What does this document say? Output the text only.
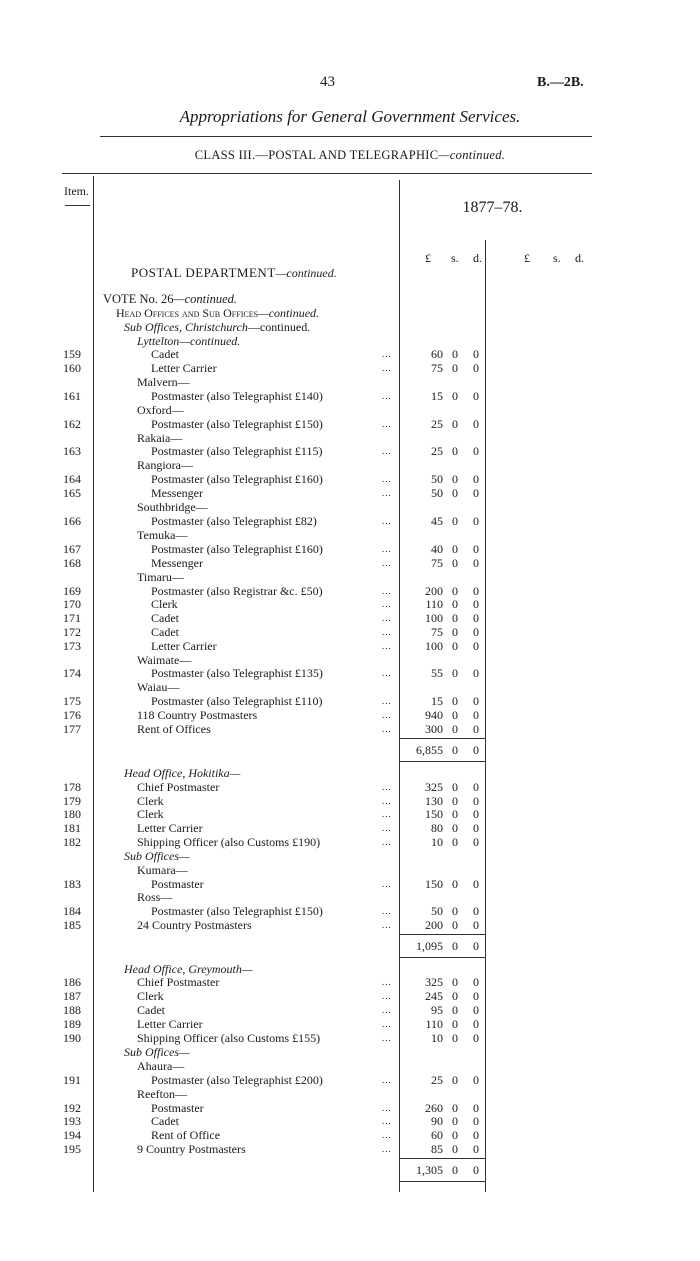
43	B.—2B.
Appropriations for General Government Services.
CLASS III.—POSTAL AND TELEGRAPHIC—continued.
Item.
1877–78.
£ s. d.	£ s. d.
POSTAL DEPARTMENT—continued.
VOTE No. 26—continued.
Head Offices and Sub Offices—continued.
Sub Offices, Christchurch—continued.
Lyttelton—continued.
159	Cadet	...	60 0	0
160	Letter Carrier	...	75 0	0
Malvern—
161	Postmaster (also Telegraphist £140)	...	15 0	0
Oxford—
162	Postmaster (also Telegraphist £150)	...	25 0	0
Rakaia—
163	Postmaster (also Telegraphist £115)	...	25 0	0
Rangiora—
164	Postmaster (also Telegraphist £160)	...	50 0	0
165	Messenger	...	50 0	0
Southbridge—
166	Postmaster (also Telegraphist £82)	...	45 0	0
Temuka—
167	Postmaster (also Telegraphist £160)	...	40 0	0
168	Messenger	...	75 0	0
Timaru—
169	Postmaster (also Registrar &c. £50)	...	200 0	0
170	Clerk	...	110 0	0
171	Cadet	...	100 0	0
172	Cadet	...	75 0	0
173	Letter Carrier	...	100 0	0
Waimate—
174	Postmaster (also Telegraphist £135)	...	55 0	0
Waiau—
175	Postmaster (also Telegraphist £110)	...	15 0	0
176	118 Country Postmasters	...	940 0	0
177	Rent of Offices	...	300 0	0
6,855 0	0
Head Office, Hokitika—
178	Chief Postmaster	...	325 0	0
179	Clerk	...	130 0	0
180	Clerk	...	150 0	0
181	Letter Carrier	...	80 0	0
182	Shipping Officer (also Customs £190)	...	10 0	0
Sub Offices—
Kumara—
183	Postmaster	...	150 0	0
Ross—
184	Postmaster (also Telegraphist £150)	...	50 0	0
185	24 Country Postmasters	...	200 0	0
1,095 0	0
Head Office, Greymouth—
186	Chief Postmaster	...	325 0	0
187	Clerk	...	245 0	0
188	Cadet	...	95 0	0
189	Letter Carrier	...	110 0	0
190	Shipping Officer (also Customs £155)	...	10 0	0
Sub Offices—
Ahaura—
191	Postmaster (also Telegraphist £200)	...	25 0	0
Reefton—
192	Postmaster	...	260 0	0
193	Cadet	...	90 0	0
194	Rent of Office	...	60 0	0
195	9 Country Postmasters	...	85 0	0
1,305 0	0
